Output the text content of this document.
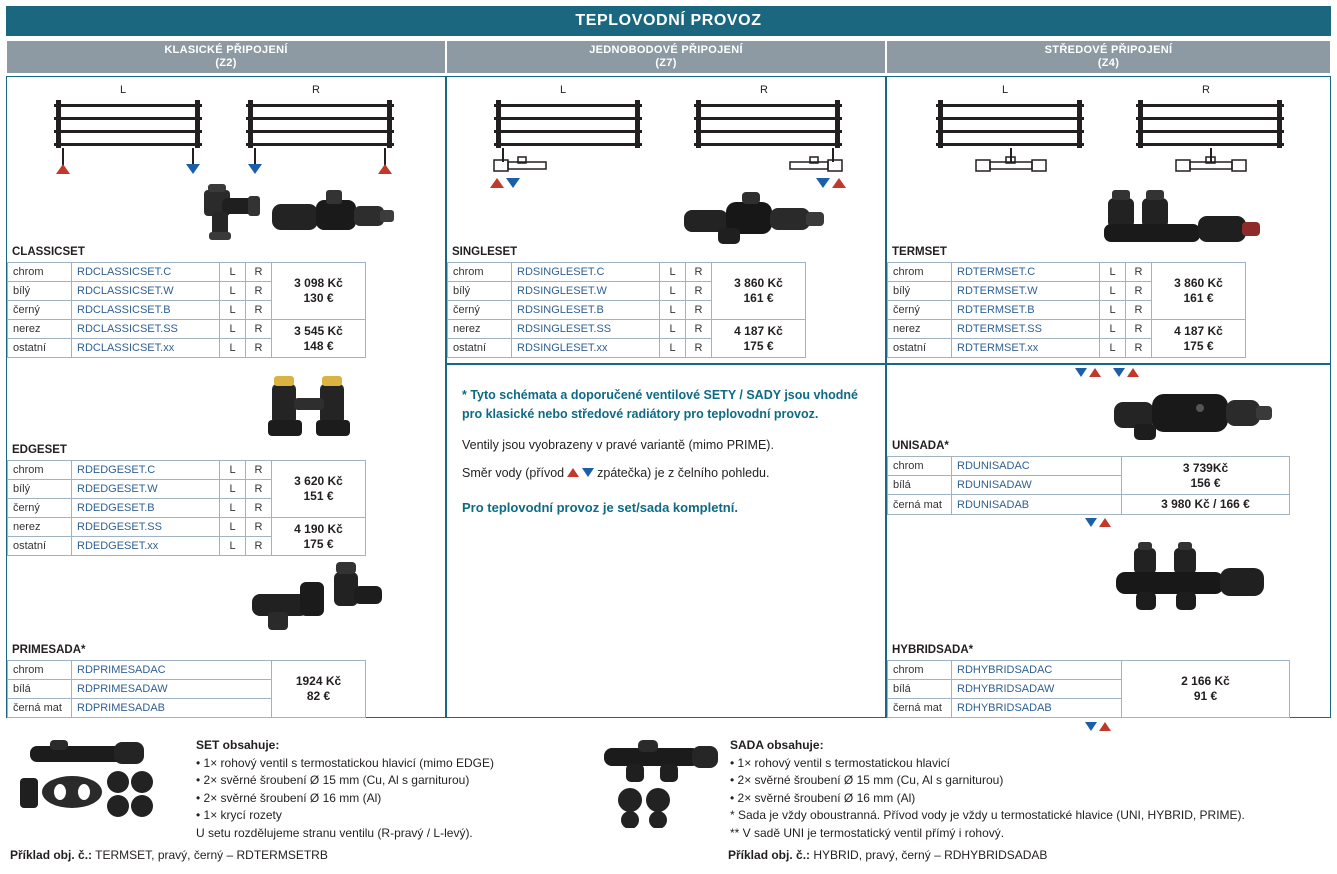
TEPLOVODNÍ PROVOZ
KLASICKÉ PŘIPOJENÍ
(Z2)
JEDNOBODOVÉ PŘIPOJENÍ
(Z7)
STŘEDOVÉ PŘIPOJENÍ
(Z4)
L	R
CLASSICSET
chrom	RDCLASSICSET.C	L	R	3 098 Kč
130 €

bílý	RDCLASSICSET.W	L	R	
černý	RDCLASSICSET.B	L	R	
nerez	RDCLASSICSET.SS	L	R	3 545 Kč
148 €

ostatní	RDCLASSICSET.xx	L	R	
EDGESET
chrom	RDEDGESET.C	L	R	3 620 Kč
151 €

bílý	RDEDGESET.W	L	R	
černý	RDEDGESET.B	L	R	
nerez	RDEDGESET.SS	L	R	4 190 Kč
175 €

ostatní	RDEDGESET.xx	L	R	
PRIMESADA*
chrom	RDPRIMESADAC	1924 Kč
82 €

bílá	RDPRIMESADAW	
černá mat	RDPRIMESADAB	
L	R
SINGLESET
chrom	RDSINGLESET.C	L	R	3 860 Kč
161 €

bílý	RDSINGLESET.W	L	R	
černý	RDSINGLESET.B	L	R	
nerez	RDSINGLESET.SS	L	R	4 187 Kč
175 €

ostatní	RDSINGLESET.xx	L	R	

* Tyto schémata a doporučené ventilové SETY / SADY jsou vhodné pro klasické nebo středové radiátory pro teplovodní provoz.

Ventily jsou vyobrazeny v pravé variantě (mimo PRIME).

Směr vody (přívod	zpátečka) je z čelního pohledu.

Pro teplovodní provoz je set/sada kompletní.

L	R
TERMSET
chrom	RDTERMSET.C	L	R	3 860 Kč
161 €

bílý	RDTERMSET.W	L	R	
černý	RDTERMSET.B	L	R	
nerez	RDTERMSET.SS	L	R	4 187 Kč
175 €

ostatní	RDTERMSET.xx	L	R	
UNISADA*
chrom	RDUNISADAC	3 739Kč
156 €

bílá	RDUNISADAW	
černá mat	RDUNISADAB	3 980 Kč / 166 €
HYBRIDSADA*
chrom	RDHYBRIDSADAC	2 166 Kč
91 €

bílá	RDHYBRIDSADAW	
černá mat	RDHYBRIDSADAB	
SET obsahuje:
• 1× rohový ventil s termostatickou hlavicí (mimo EDGE)
• 2× svěrné šroubení Ø 15 mm (Cu, Al s garniturou)
• 2× svěrné šroubení Ø 16 mm (Al)
• 1× krycí rozety
U setu rozdělujeme stranu ventilu (R-pravý / L-levý).
Příklad obj. č.: TERMSET, pravý, černý – RDTERMSETRB
SADA obsahuje:
• 1× rohový ventil s termostatickou hlavicí
• 2× svěrné šroubení Ø 15 mm (Cu, Al s garniturou)
• 2× svěrné šroubení Ø 16 mm (Al)
* Sada je vždy oboustranná. Přívod vody je vždy u termostatické hlavice (UNI, HYBRID, PRIME).
** V sadě UNI je termostatický ventil přímý i rohový.
Příklad obj. č.: HYBRID, pravý, černý – RDHYBRIDSADAB
